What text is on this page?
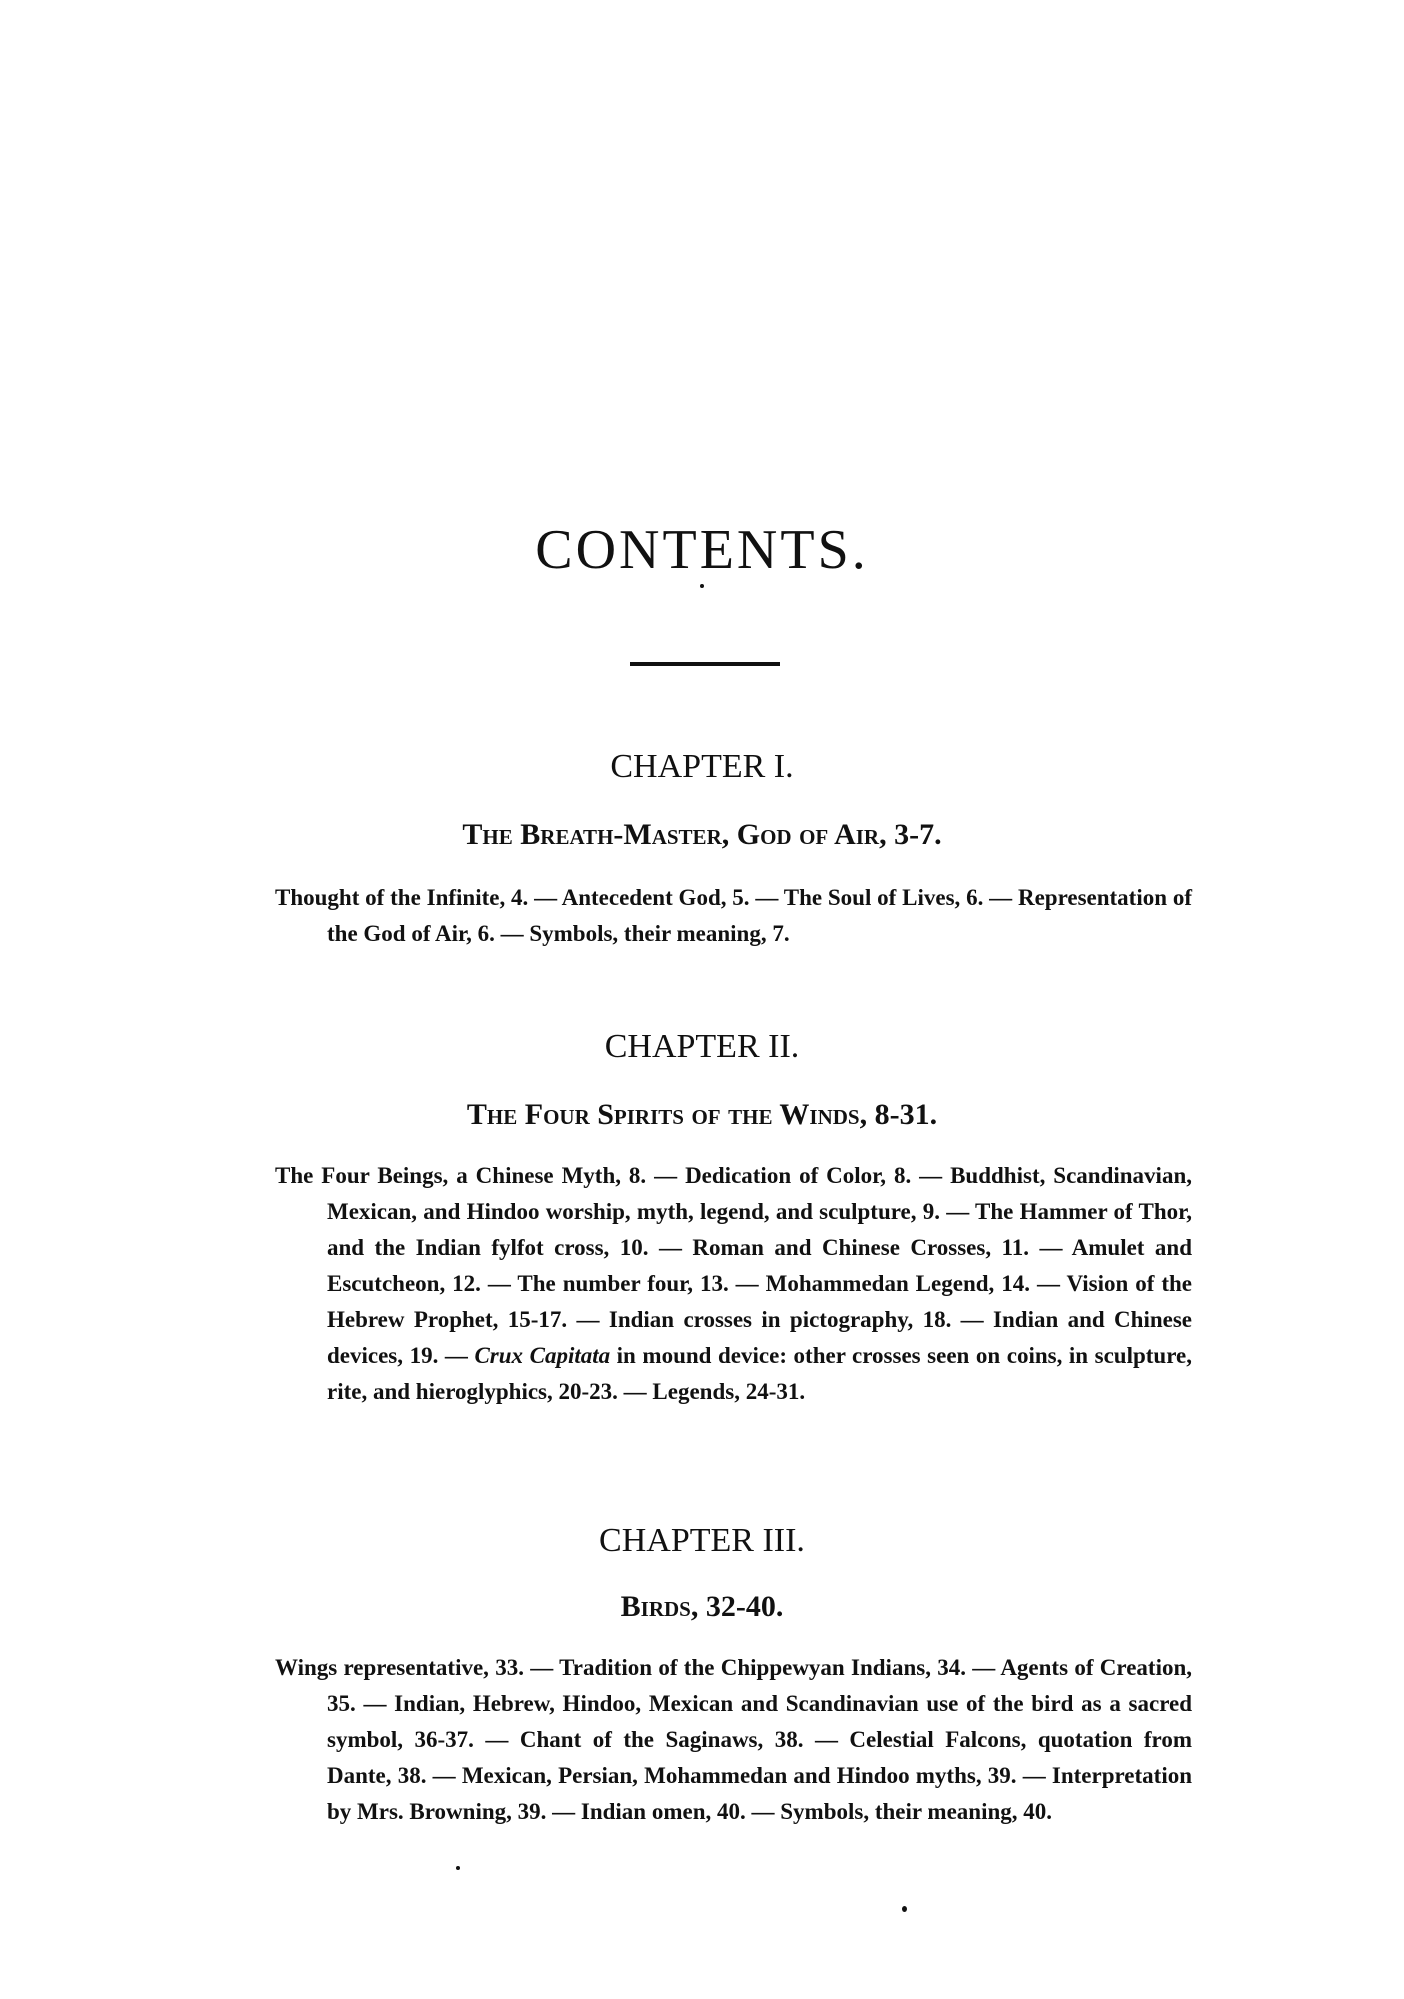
CONTENTS.
CHAPTER I.
The Breath-Master, God of Air, 3-7.

Thought of the Infinite, 4. — Antecedent God, 5. — The Soul of Lives, 6. — Representation of the God of Air, 6. — Symbols, their meaning, 7.

CHAPTER II.
The Four Spirits of the Winds, 8-31.

The Four Beings, a Chinese Myth, 8. — Dedication of Color, 8. — Buddhist, Scandinavian, Mexican, and Hindoo worship, myth, legend, and sculpture, 9. — The Hammer of Thor, and the Indian fylfot cross, 10. — Roman and Chinese Crosses, 11. — Amulet and Escutcheon, 12. — The number four, 13. — Mohammedan Legend, 14. — Vision of the Hebrew Prophet, 15-17. — Indian crosses in pictography, 18. — Indian and Chinese devices, 19. — Crux Capitata in mound device: other crosses seen on coins, in sculpture, rite, and hieroglyphics, 20-23. — Legends, 24-31.

CHAPTER III.
Birds, 32-40.

Wings representative, 33. — Tradition of the Chippewyan Indians, 34. — Agents of Creation, 35. — Indian, Hebrew, Hindoo, Mexican and Scandinavian use of the bird as a sacred symbol, 36-37. — Chant of the Saginaws, 38. — Celestial Falcons, quotation from Dante, 38. — Mexican, Persian, Mohammedan and Hindoo myths, 39. — Interpretation by Mrs. Browning, 39. — Indian omen, 40. — Symbols, their meaning, 40.
